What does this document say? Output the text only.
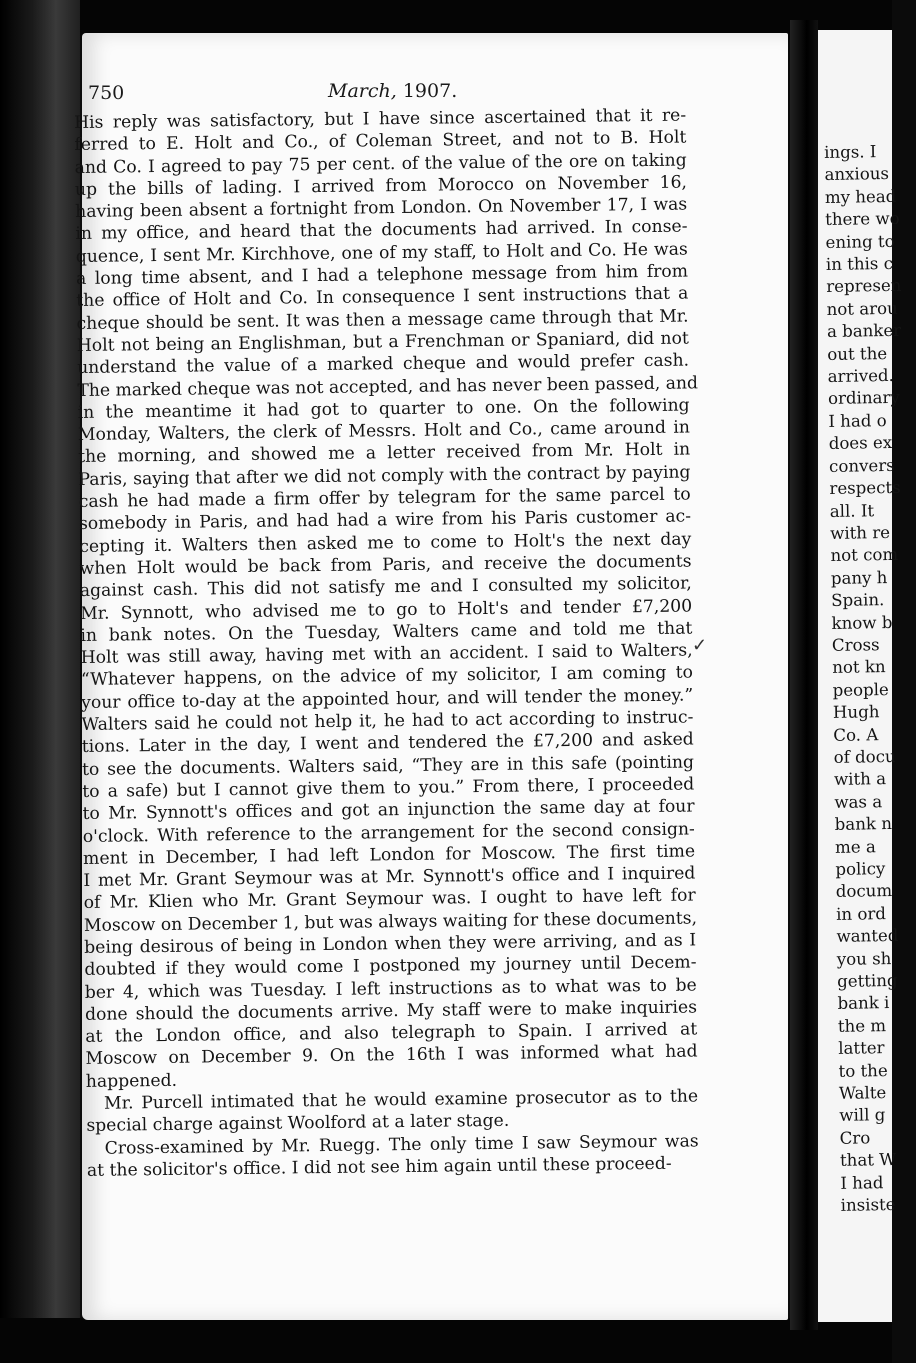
ings. I
anxious
my head
there wo
ening to
in this c
represen
not arou
a banker
out the
arrived.
ordinary
I had o
does ex
convers
respects
all. It
with re
not com
pany h
Spain.
know b
Cross
not kn
people
Hugh
Co. A
of docu
with a
was a
bank n
me a
policy
docum
in ord
wanted
you sh
getting
bank i
the m
latter
to the
Walte
will g
Cro
that W
I had
insiste
750	March, 1907.
His reply was satisfactory, but I have since ascertained that it re-
ferred to E. Holt and Co., of Coleman Street, and not to B. Holt
and Co. I agreed to pay 75 per cent. of the value of the ore on taking
up the bills of lading. I arrived from Morocco on November 16,
having been absent a fortnight from London. On November 17, I was
in my office, and heard that the documents had arrived. In conse-
quence, I sent Mr. Kirchhove, one of my staff, to Holt and Co. He was
a long time absent, and I had a telephone message from him from
the office of Holt and Co. In consequence I sent instructions that a
cheque should be sent. It was then a message came through that Mr.
Holt not being an Englishman, but a Frenchman or Spaniard, did not
understand the value of a marked cheque and would prefer cash.
The marked cheque was not accepted, and has never been passed, and
in the meantime it had got to quarter to one. On the following
Monday, Walters, the clerk of Messrs. Holt and Co., came around in
the morning, and showed me a letter received from Mr. Holt in
Paris, saying that after we did not comply with the contract by paying
cash he had made a firm offer by telegram for the same parcel to
somebody in Paris, and had had a wire from his Paris customer ac-
cepting it. Walters then asked me to come to Holt's the next day
when Holt would be back from Paris, and receive the documents
against cash. This did not satisfy me and I consulted my solicitor,
Mr. Synnott, who advised me to go to Holt's and tender £7,200
in bank notes. On the Tuesday, Walters came and told me that
Holt was still away, having met with an accident. I said to Walters,
“Whatever happens, on the advice of my solicitor, I am coming to
your office to-day at the appointed hour, and will tender the money.”
Walters said he could not help it, he had to act according to instruc-
tions. Later in the day, I went and tendered the £7,200 and asked
to see the documents. Walters said, “They are in this safe (pointing
to a safe) but I cannot give them to you.” From there, I proceeded
to Mr. Synnott's offices and got an injunction the same day at four
o'clock. With reference to the arrangement for the second consign-
ment in December, I had left London for Moscow. The first time
I met Mr. Grant Seymour was at Mr. Synnott's office and I inquired
of Mr. Klien who Mr. Grant Seymour was. I ought to have left for
Moscow on December 1, but was always waiting for these documents,
being desirous of being in London when they were arriving, and as I
doubted if they would come I postponed my journey until Decem-
ber 4, which was Tuesday. I left instructions as to what was to be
done should the documents arrive. My staff were to make inquiries
at the London office, and also telegraph to Spain. I arrived at
Moscow on December 9. On the 16th I was informed what had
happened.
Mr. Purcell intimated that he would examine prosecutor as to the
special charge against Woolford at a later stage.
Cross-examined by Mr. Ruegg. The only time I saw Seymour was
at the solicitor's office. I did not see him again until these proceed-
✓
